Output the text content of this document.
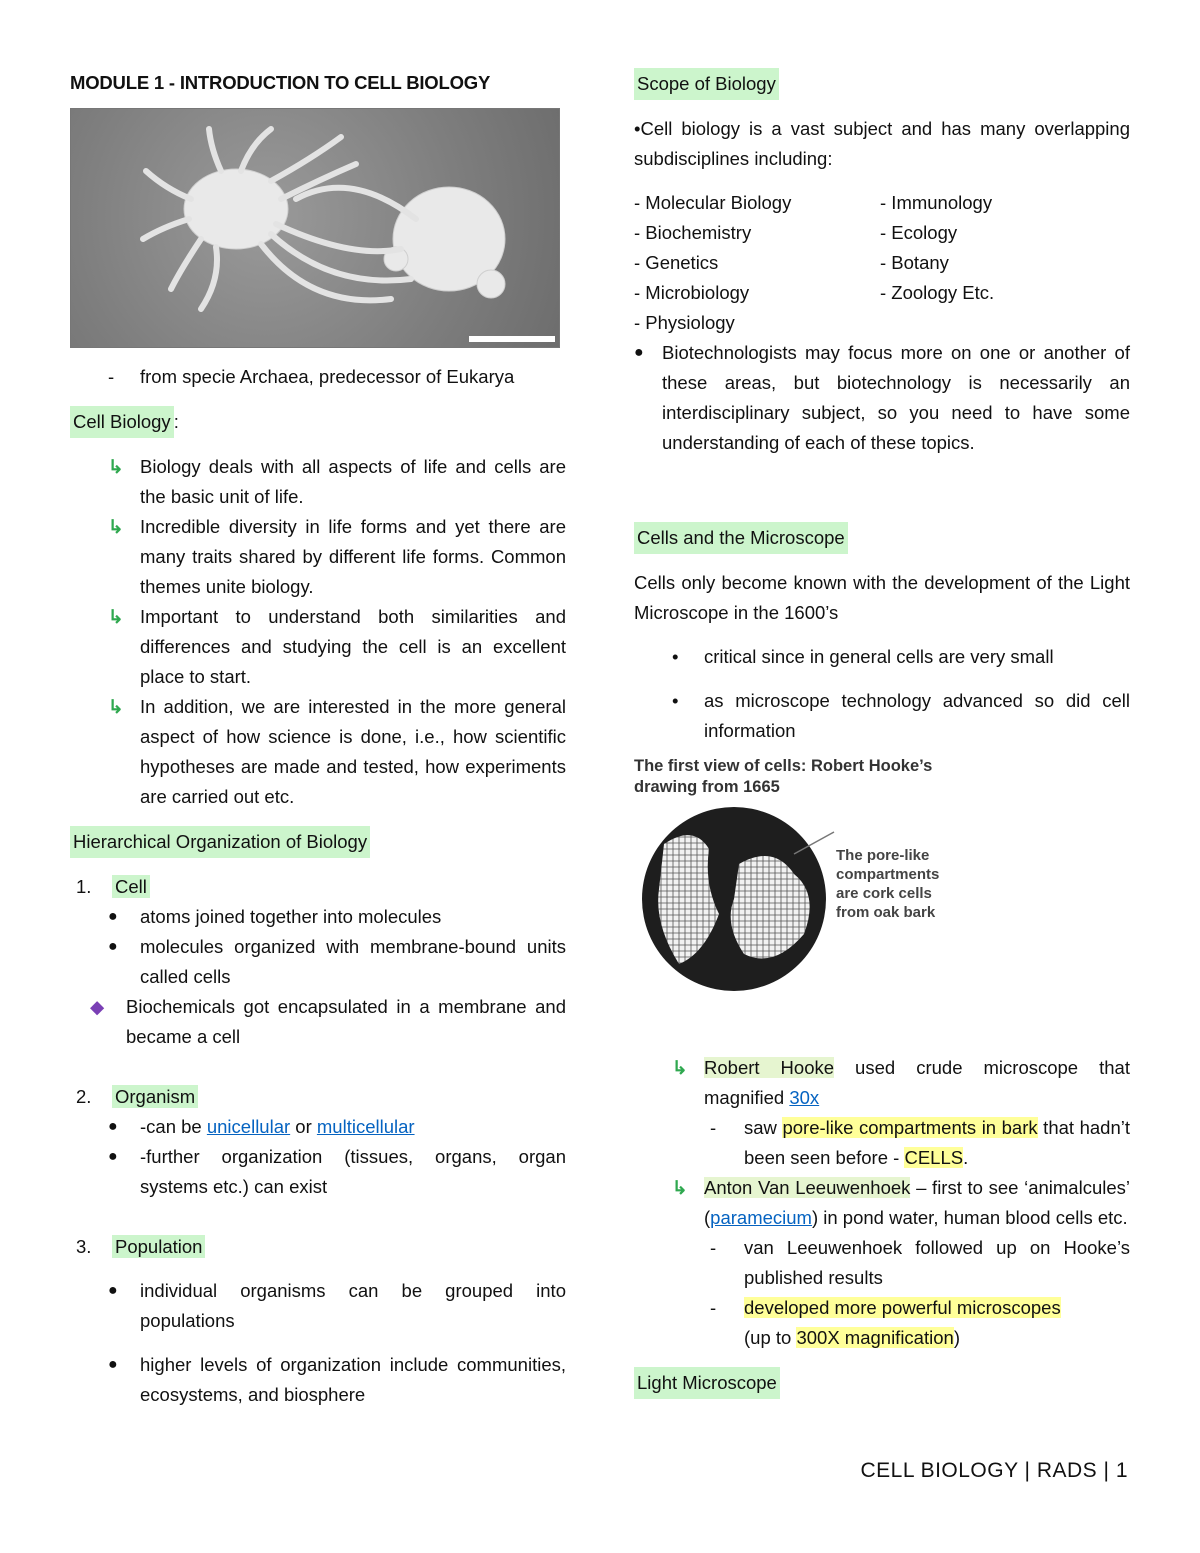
MODULE 1 - INTRODUCTION TO CELL BIOLOGY

- from specie Archaea, predecessor of Eukarya

Cell Biology :

↳ Biology deals with all aspects of life and cells are the basic unit of life.

↳ Incredible diversity in life forms and yet there are many traits shared by different life forms. Common themes unite biology.

↳ Important to understand both similarities and differences and studying the cell is an excellent place to start.

↳ In addition, we are interested in the more general aspect of how science is done, i.e., how scientific hypotheses are made and tested, how experiments are carried out etc.

Hierarchical Organization of Biology

1. Cell

● atoms joined together into molecules

● molecules organized with membrane-bound units called cells

◆ Biochemicals got encapsulated in a membrane and became a cell

2. Organism

● -can be unicellular or multicellular

● -further organization (tissues, organs, organ systems etc.) can exist

3. Population

● individual organisms can be grouped into populations

● higher levels of organization include communities, ecosystems, and biosphere

Scope of Biology

•Cell biology is a vast subject and has many overlapping subdisciplines including:

- Molecular Biology
- Biochemistry
- Genetics
- Microbiology
- Physiology
- Immunology
- Ecology
- Botany
- Zoology Etc.

● Biotechnologists may focus more on one or another of these areas, but biotechnology is necessarily an interdisciplinary subject, so you need to have some understanding of each of these topics.

Cells and the Microscope

Cells only become known with the development of the Light Microscope in the 1600’s

• critical since in general cells are very small

• as microscope technology advanced so did cell information

The first view of cells: Robert Hooke’s drawing from 1665
The pore-like compartments are cork cells from oak bark

↳ Robert Hooke used crude microscope that magnified 30x

- saw pore-like compartments in bark that hadn’t been seen before - CELLS.

↳ Anton Van Leeuwenhoek – first to see ‘animalcules’ (paramecium) in pond water, human blood cells etc.

- van Leeuwenhoek followed up on Hooke’s published results

- developed more powerful microscopes
(up to 300X magnification)

Light Microscope

CELL BIOLOGY | RADS | 1
